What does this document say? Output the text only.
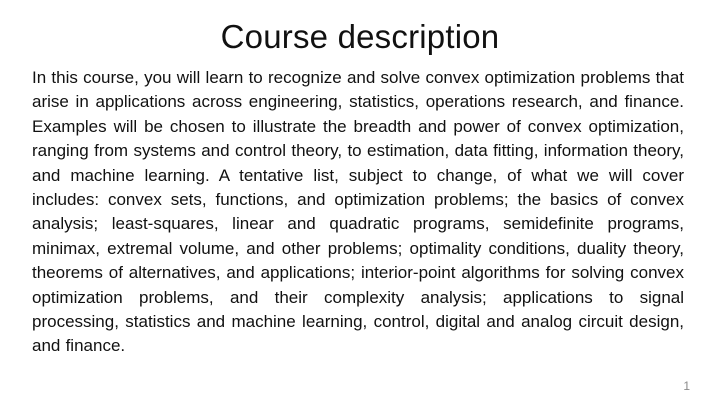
Course description

In this course, you will learn to recognize and solve convex optimization problems that arise in applications across engineering, statistics, operations research, and finance. Examples will be chosen to illustrate the breadth and power of convex optimization, ranging from systems and control theory, to estimation, data fitting, information theory, and machine learning. A tentative list, subject to change, of what we will cover includes: convex sets, functions, and optimization problems; the basics of convex analysis; least-squares, linear and quadratic programs, semidefinite programs, minimax, extremal volume, and other problems; optimality conditions, duality theory, theorems of alternatives, and applications; interior-point algorithms for solving convex optimization problems, and their complexity analysis; applications to signal processing, statistics and machine learning, control, digital and analog circuit design, and finance.

1
